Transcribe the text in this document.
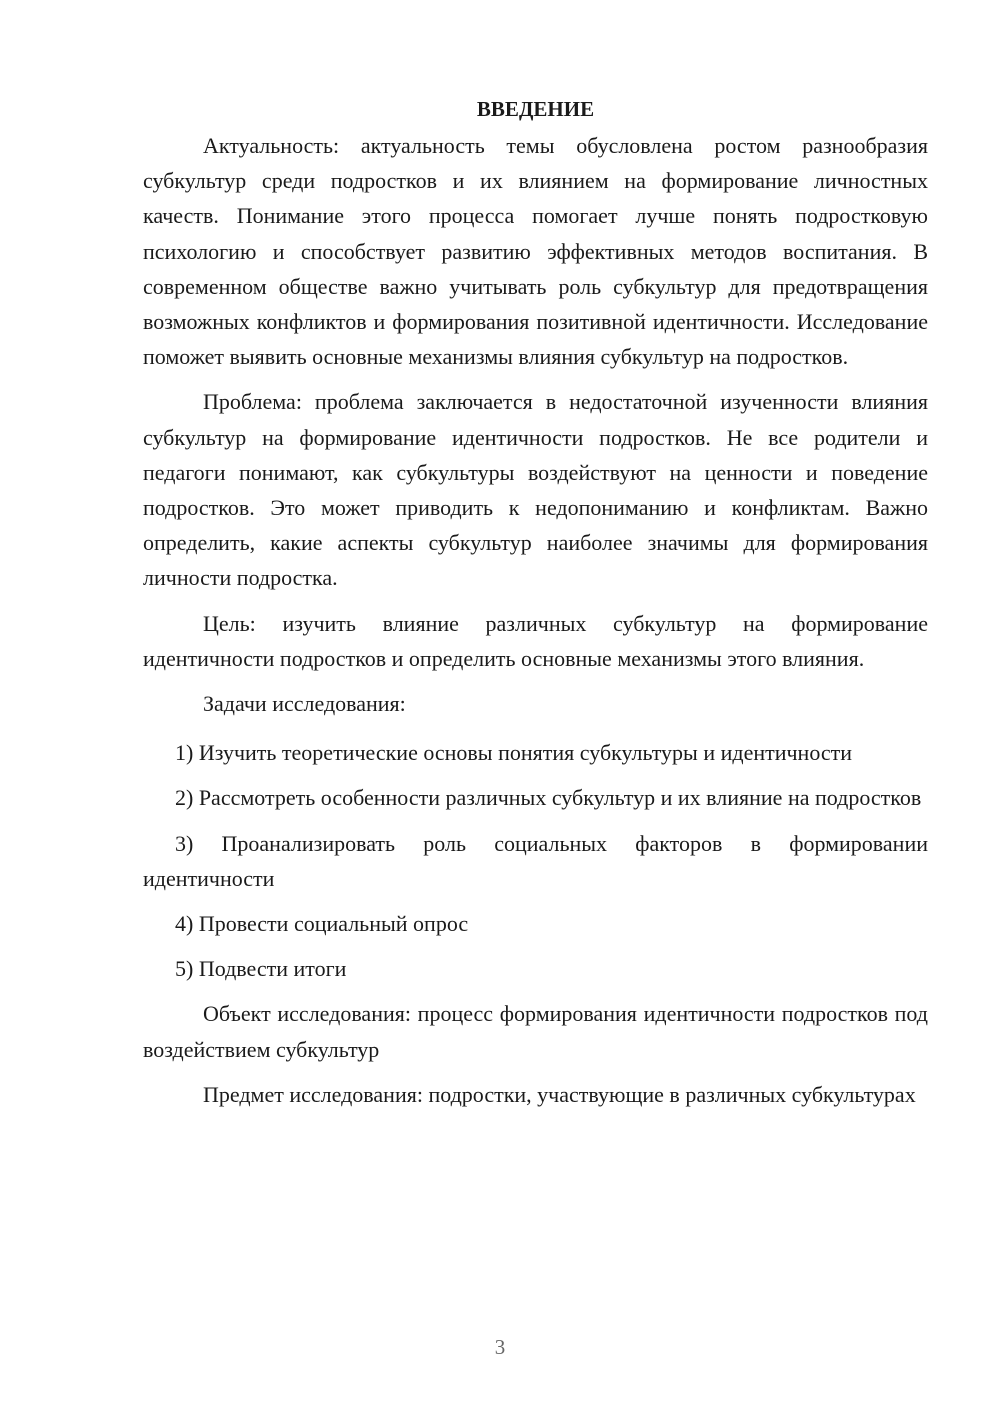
ВВЕДЕНИЕ

Актуальность: актуальность темы обусловлена ростом разнообразия субкультур среди подростков и их влиянием на формирование личностных качеств. Понимание этого процесса помогает лучше понять подростковую психологию и способствует развитию эффективных методов воспитания. В современном обществе важно учитывать роль субкультур для предотвращения возможных конфликтов и формирования позитивной идентичности. Исследование поможет выявить основные механизмы влияния субкультур на подростков.

Проблема: проблема заключается в недостаточной изученности влияния субкультур на формирование идентичности подростков. Не все родители и педагоги понимают, как субкультуры воздействуют на ценности и поведение подростков. Это может приводить к недопониманию и конфликтам. Важно определить, какие аспекты субкультур наиболее значимы для формирования личности подростка.

Цель: изучить влияние различных субкультур на формирование идентичности подростков и определить основные механизмы этого влияния.

Задачи исследования:

1) Изучить теоретические основы понятия субкультуры и идентичности

2) Рассмотреть особенности различных субкультур и их влияние на подростков

3) Проанализировать роль социальных факторов в формировании идентичности

4) Провести социальный опрос

5) Подвести итоги

Объект исследования: процесс формирования идентичности подростков под воздействием субкультур

Предмет исследования: подростки, участвующие в различных субкультурах

3
